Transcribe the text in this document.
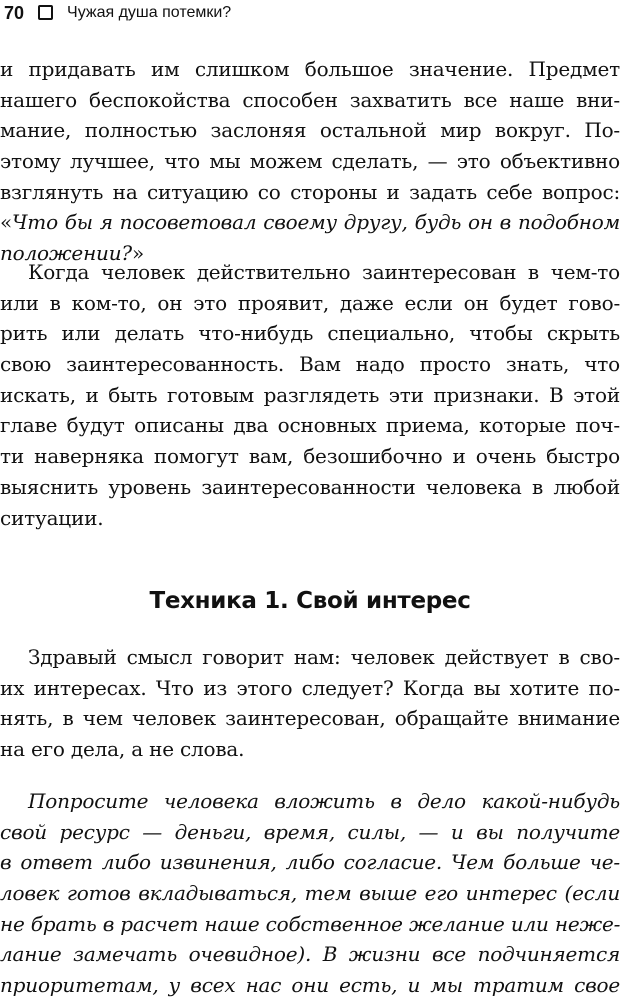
70	Чужая душа потемки?
и придавать им слишком большое значение. Предмет
нашего беспокойства способен захватить все наше вни-
мание, полностью заслоняя остальной мир вокруг. По-
этому лучшее, что мы можем сделать, — это объективно
взглянуть на ситуацию со стороны и задать себе вопрос:
«Что бы я посоветовал своему другу, будь он в подобном
положении?»
Когда человек действительно заинтересован в чем-то
или в ком-то, он это проявит, даже если он будет гово-
рить или делать что-нибудь специально, чтобы скрыть
свою заинтересованность. Вам надо просто знать, что
искать, и быть готовым разглядеть эти признаки. В этой
главе будут описаны два основных приема, которые поч-
ти наверняка помогут вам, безошибочно и очень быстро
выяснить уровень заинтересованности человека в любой
ситуации.
Техника 1. Свой интерес
Здравый смысл говорит нам: человек действует в сво-
их интересах. Что из этого следует? Когда вы хотите по-
нять, в чем человек заинтересован, обращайте внимание
на его дела, а не слова.
Попросите человека вложить в дело какой-нибудь
свой ресурс — деньги, время, силы, — и вы получите
в ответ либо извинения, либо согласие. Чем больше че-
ловек готов вкладываться, тем выше его интерес (если
не брать в расчет наше собственное желание или неже-
лание замечать очевидное). В жизни все подчиняется
приоритетам, у всех нас они есть, и мы тратим свое
